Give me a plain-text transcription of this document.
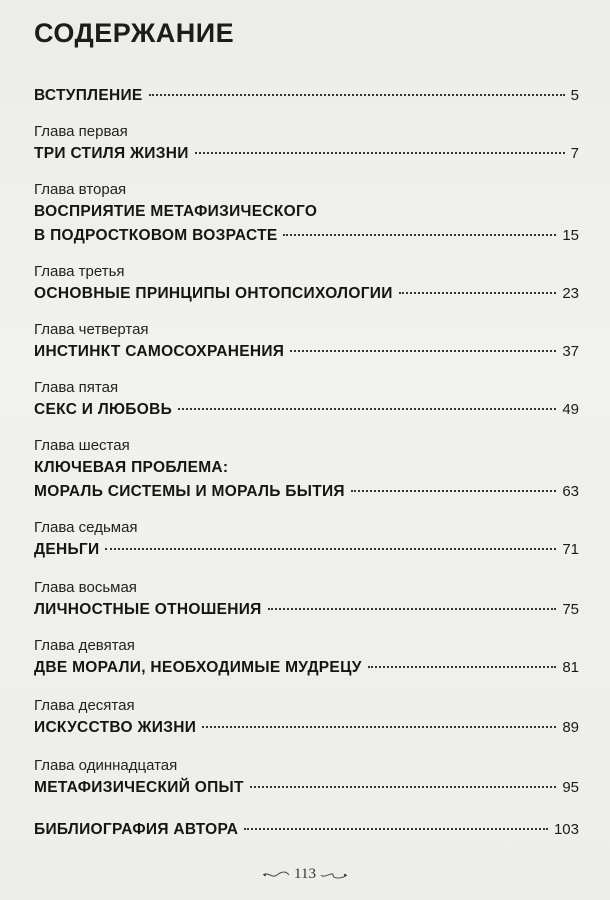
СОДЕРЖАНИЕ
ВСТУПЛЕНИЕ	5
Глава первая
ТРИ СТИЛЯ ЖИЗНИ	7
Глава вторая
ВОСПРИЯТИЕ МЕТАФИЗИЧЕСКОГО
В ПОДРОСТКОВОМ ВОЗРАСТЕ	15
Глава третья
ОСНОВНЫЕ ПРИНЦИПЫ ОНТОПСИХОЛОГИИ	23
Глава четвертая
ИНСТИНКТ САМОСОХРАНЕНИЯ	37
Глава пятая
СЕКС И ЛЮБОВЬ	49
Глава шестая
КЛЮЧЕВАЯ ПРОБЛЕМА:
МОРАЛЬ СИСТЕМЫ И МОРАЛЬ БЫТИЯ	63
Глава седьмая
ДЕНЬГИ	71
Глава восьмая
ЛИЧНОСТНЫЕ ОТНОШЕНИЯ	75
Глава девятая
ДВЕ МОРАЛИ, НЕОБХОДИМЫЕ МУДРЕЦУ	81
Глава десятая
ИСКУССТВО ЖИЗНИ	89
Глава одиннадцатая
МЕТАФИЗИЧЕСКИЙ ОПЫТ	95
БИБЛИОГРАФИЯ АВТОРА	103
113
